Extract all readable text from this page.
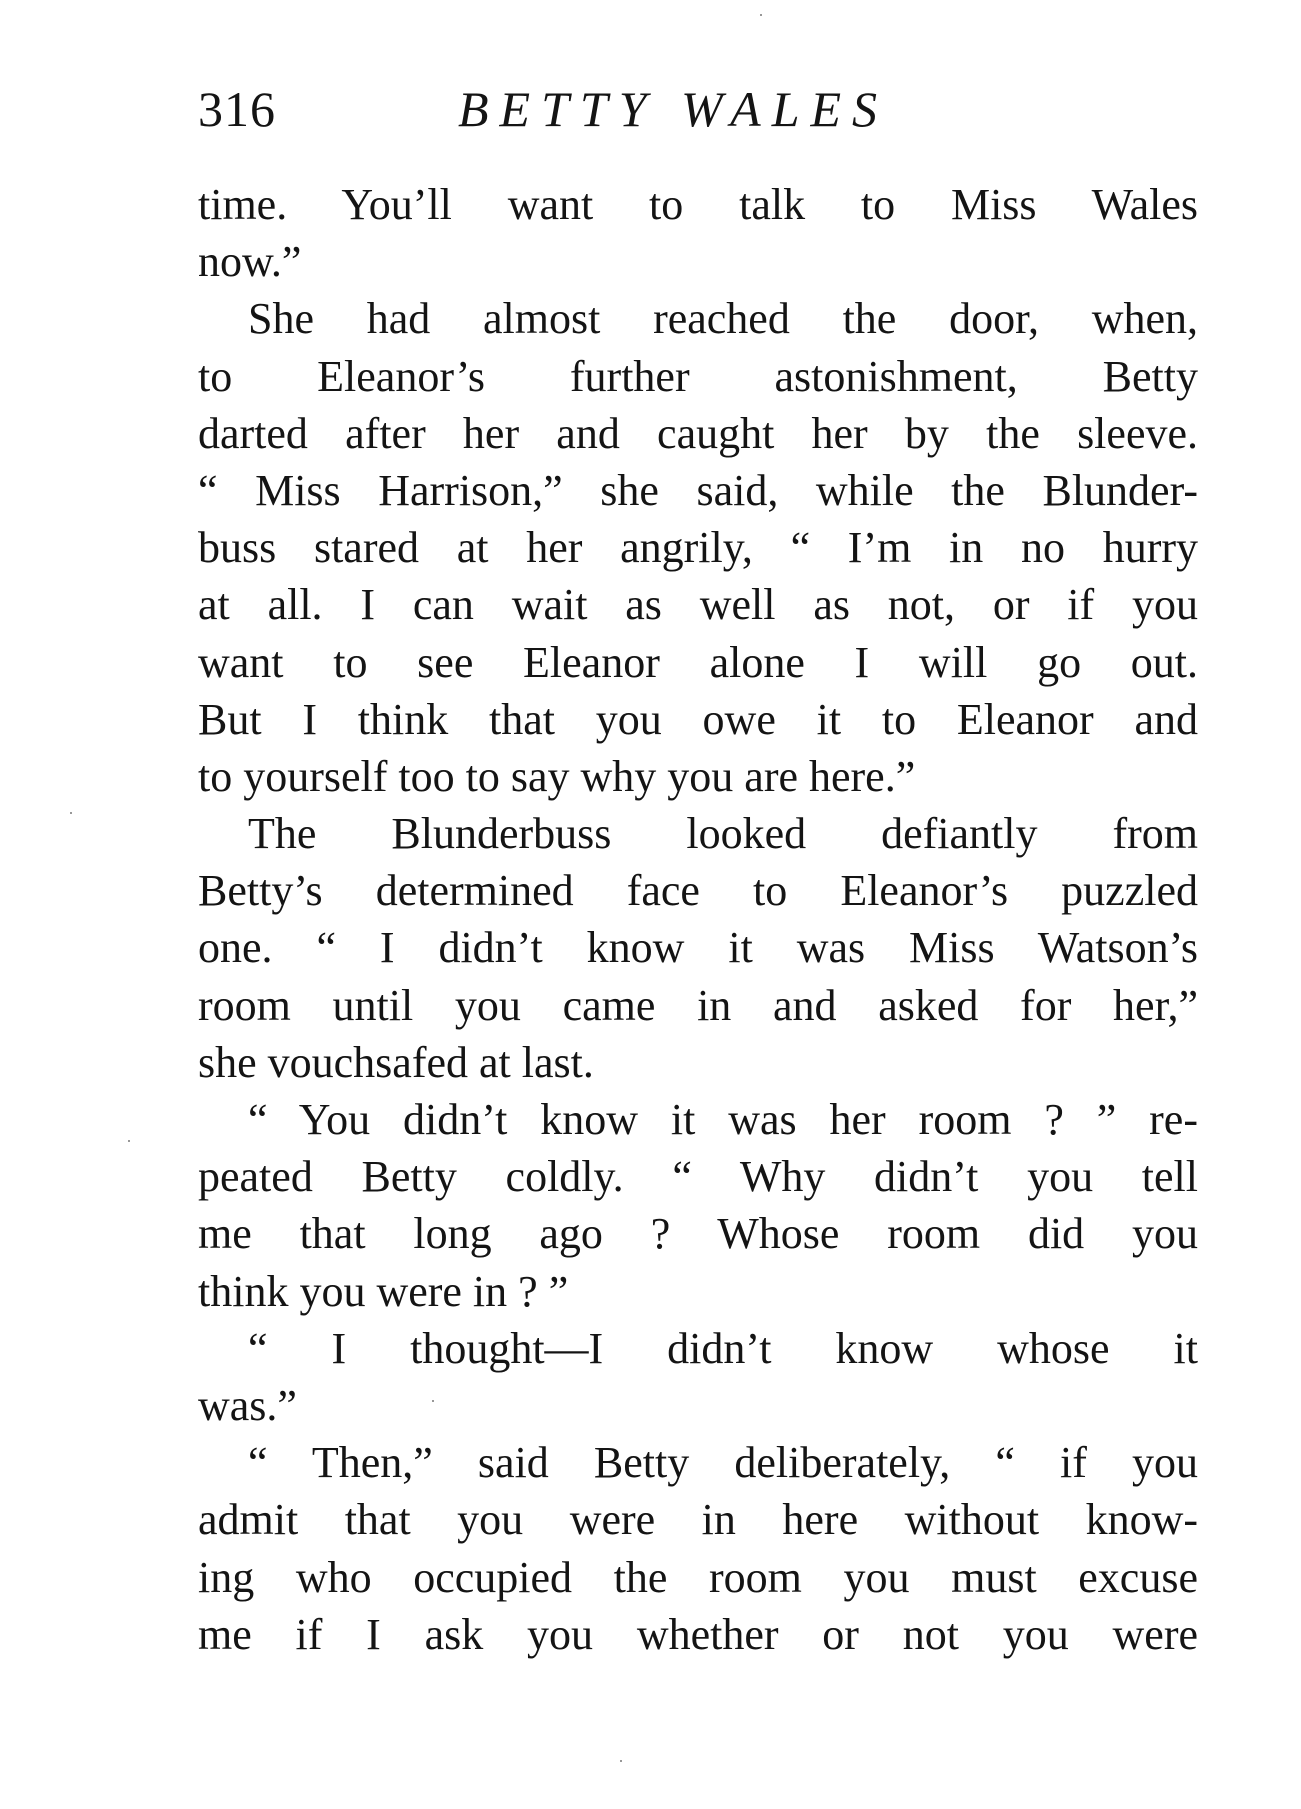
316	BETTY WALES
time. You’ll want to talk to Miss Wales
now.”
She had almost reached the door, when,
to Eleanor’s further astonishment, Betty
darted after her and caught her by the sleeve.
“ Miss Harrison,” she said, while the Blunder-
buss stared at her angrily, “ I’m in no hurry
at all. I can wait as well as not, or if you
want to see Eleanor alone I will go out.
But I think that you owe it to Eleanor and
to yourself too to say why you are here.”
The Blunderbuss looked defiantly from
Betty’s determined face to Eleanor’s puzzled
one. “ I didn’t know it was Miss Watson’s
room until you came in and asked for her,”
she vouchsafed at last.
“ You didn’t know it was her room ? ” re-
peated Betty coldly. “ Why didn’t you tell
me that long ago ? Whose room did you
think you were in ? ”
“ I thought—I didn’t know whose it
was.”
“ Then,” said Betty deliberately, “ if you
admit that you were in here without know-
ing who occupied the room you must excuse
me if I ask you whether or not you were
